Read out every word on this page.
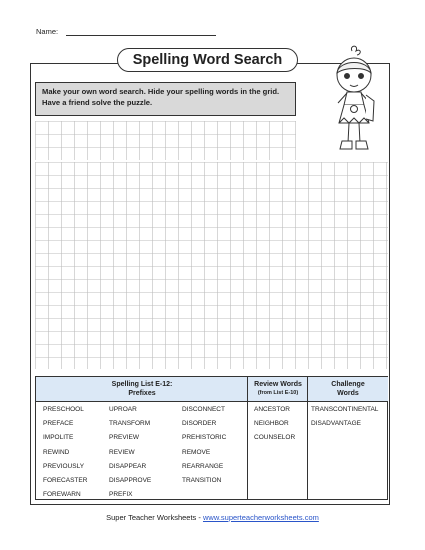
Name:
Spelling Word Search
Make your own word search. Hide your spelling words in the grid. Have a friend solve the puzzle.
Spelling List E-12:
Prefixes
Review Words
(from List E-10)
Challenge
Words
PRESCHOOL
PREFACE
IMPOLITE
REWIND
PREVIOUSLY
FORECASTER
FOREWARN
UPROAR
TRANSFORM
PREVIEW
REVIEW
DISAPPEAR
DISAPPROVE
PREFIX
DISCONNECT
DISORDER
PREHISTORIC
REMOVE
REARRANGE
TRANSITION
ANCESTOR
NEIGHBOR
COUNSELOR
TRANSCONTINENTAL
DISADVANTAGE
Super Teacher Worksheets - www.superteacherworksheets.com
